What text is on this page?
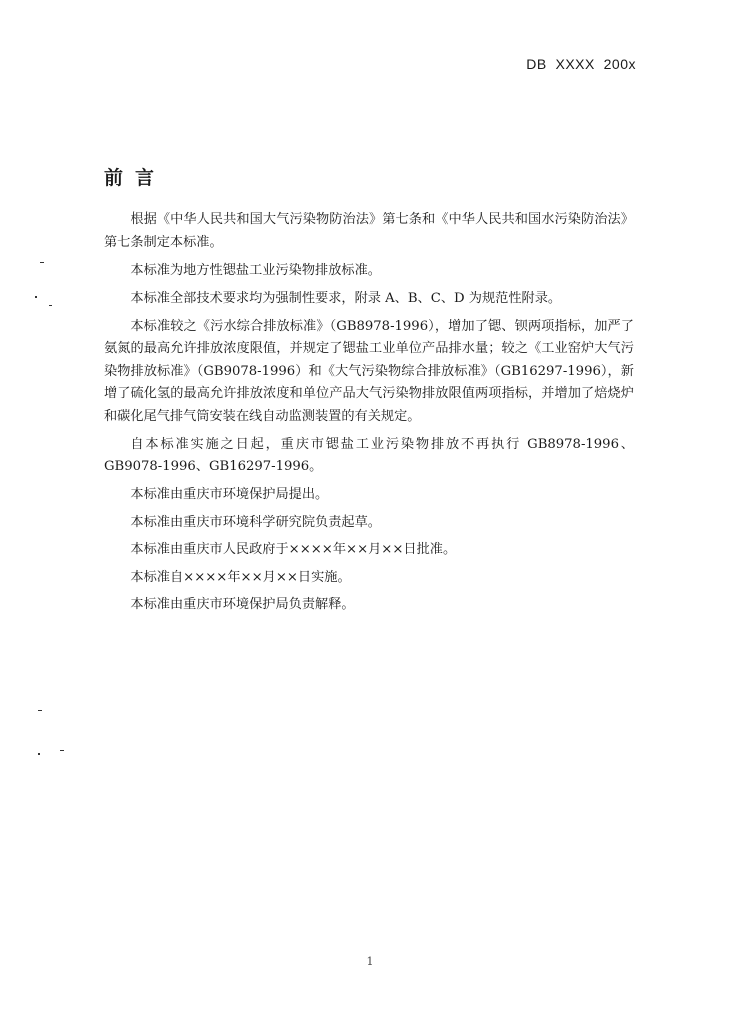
DB  XXXX  200x
前言

根据《中华人民共和国大气污染物防治法》第七条和《中华人民共和国水污染防治法》第七条制定本标准。

本标准为地方性锶盐工业污染物排放标准。

本标准全部技术要求均为强制性要求，附录 A、B、C、D 为规范性附录。

本标准较之《污水综合排放标准》（GB8978-1996），增加了锶、钡两项指标，加严了氨氮的最高允许排放浓度限值，并规定了锶盐工业单位产品排水量；较之《工业窑炉大气污染物排放标准》（GB9078-1996）和《大气污染物综合排放标准》（GB16297-1996），新增了硫化氢的最高允许排放浓度和单位产品大气污染物排放限值两项指标，并增加了焙烧炉和碳化尾气排气筒安装在线自动监测装置的有关规定。

自本标准实施之日起，重庆市锶盐工业污染物排放不再执行 GB8978-1996、GB9078-1996、GB16297-1996。

本标准由重庆市环境保护局提出。

本标准由重庆市环境科学研究院负责起草。

本标准由重庆市人民政府于××××年××月××日批准。

本标准自××××年××月××日实施。

本标准由重庆市环境保护局负责解释。

1
